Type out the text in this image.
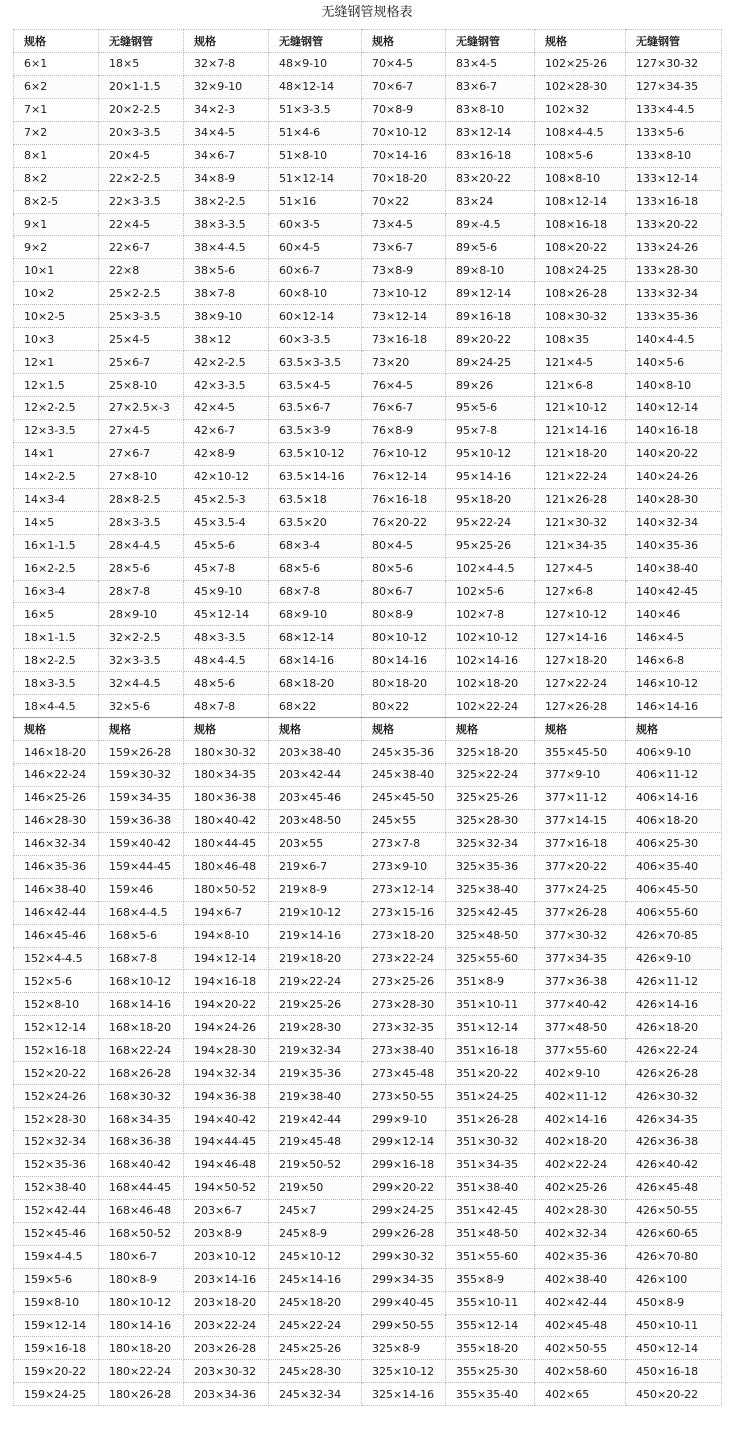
无缝钢管规格表
规格	无缝钢管	规格	无缝钢管	规格	无缝钢管	规格	无缝钢管
6×1	18×5	32×7-8	48×9-10	70×4-5	83×4-5	102×25-26	127×30-32
6×2	20×1-1.5	32×9-10	48×12-14	70×6-7	83×6-7	102×28-30	127×34-35
7×1	20×2-2.5	34×2-3	51×3-3.5	70×8-9	83×8-10	102×32	133×4-4.5
7×2	20×3-3.5	34×4-5	51×4-6	70×10-12	83×12-14	108×4-4.5	133×5-6
8×1	20×4-5	34×6-7	51×8-10	70×14-16	83×16-18	108×5-6	133×8-10
8×2	22×2-2.5	34×8-9	51×12-14	70×18-20	83×20-22	108×8-10	133×12-14
8×2-5	22×3-3.5	38×2-2.5	51×16	70×22	83×24	108×12-14	133×16-18
9×1	22×4-5	38×3-3.5	60×3-5	73×4-5	89×-4.5	108×16-18	133×20-22
9×2	22×6-7	38×4-4.5	60×4-5	73×6-7	89×5-6	108×20-22	133×24-26
10×1	22×8	38×5-6	60×6-7	73×8-9	89×8-10	108×24-25	133×28-30
10×2	25×2-2.5	38×7-8	60×8-10	73×10-12	89×12-14	108×26-28	133×32-34
10×2-5	25×3-3.5	38×9-10	60×12-14	73×12-14	89×16-18	108×30-32	133×35-36
10×3	25×4-5	38×12	60×3-3.5	73×16-18	89×20-22	108×35	140×4-4.5
12×1	25×6-7	42×2-2.5	63.5×3-3.5	73×20	89×24-25	121×4-5	140×5-6
12×1.5	25×8-10	42×3-3.5	63.5×4-5	76×4-5	89×26	121×6-8	140×8-10
12×2-2.5	27×2.5×-3	42×4-5	63.5×6-7	76×6-7	95×5-6	121×10-12	140×12-14
12×3-3.5	27×4-5	42×6-7	63.5×3-9	76×8-9	95×7-8	121×14-16	140×16-18
14×1	27×6-7	42×8-9	63.5×10-12	76×10-12	95×10-12	121×18-20	140×20-22
14×2-2.5	27×8-10	42×10-12	63.5×14-16	76×12-14	95×14-16	121×22-24	140×24-26
14×3-4	28×8-2.5	45×2.5-3	63.5×18	76×16-18	95×18-20	121×26-28	140×28-30
14×5	28×3-3.5	45×3.5-4	63.5×20	76×20-22	95×22-24	121×30-32	140×32-34
16×1-1.5	28×4-4.5	45×5-6	68×3-4	80×4-5	95×25-26	121×34-35	140×35-36
16×2-2.5	28×5-6	45×7-8	68×5-6	80×5-6	102×4-4.5	127×4-5	140×38-40
16×3-4	28×7-8	45×9-10	68×7-8	80×6-7	102×5-6	127×6-8	140×42-45
16×5	28×9-10	45×12-14	68×9-10	80×8-9	102×7-8	127×10-12	140×46
18×1-1.5	32×2-2.5	48×3-3.5	68×12-14	80×10-12	102×10-12	127×14-16	146×4-5
18×2-2.5	32×3-3.5	48×4-4.5	68×14-16	80×14-16	102×14-16	127×18-20	146×6-8
18×3-3.5	32×4-4.5	48×5-6	68×18-20	80×18-20	102×18-20	127×22-24	146×10-12
18×4-4.5	32×5-6	48×7-8	68×22	80×22	102×22-24	127×26-28	146×14-16
规格	规格	规格	规格	规格	规格	规格	规格
146×18-20	159×26-28	180×30-32	203×38-40	245×35-36	325×18-20	355×45-50	406×9-10
146×22-24	159×30-32	180×34-35	203×42-44	245×38-40	325×22-24	377×9-10	406×11-12
146×25-26	159×34-35	180×36-38	203×45-46	245×45-50	325×25-26	377×11-12	406×14-16
146×28-30	159×36-38	180×40-42	203×48-50	245×55	325×28-30	377×14-15	406×18-20
146×32-34	159×40-42	180×44-45	203×55	273×7-8	325×32-34	377×16-18	406×25-30
146×35-36	159×44-45	180×46-48	219×6-7	273×9-10	325×35-36	377×20-22	406×35-40
146×38-40	159×46	180×50-52	219×8-9	273×12-14	325×38-40	377×24-25	406×45-50
146×42-44	168×4-4.5	194×6-7	219×10-12	273×15-16	325×42-45	377×26-28	406×55-60
146×45-46	168×5-6	194×8-10	219×14-16	273×18-20	325×48-50	377×30-32	426×70-85
152×4-4.5	168×7-8	194×12-14	219×18-20	273×22-24	325×55-60	377×34-35	426×9-10
152×5-6	168×10-12	194×16-18	219×22-24	273×25-26	351×8-9	377×36-38	426×11-12
152×8-10	168×14-16	194×20-22	219×25-26	273×28-30	351×10-11	377×40-42	426×14-16
152×12-14	168×18-20	194×24-26	219×28-30	273×32-35	351×12-14	377×48-50	426×18-20
152×16-18	168×22-24	194×28-30	219×32-34	273×38-40	351×16-18	377×55-60	426×22-24
152×20-22	168×26-28	194×32-34	219×35-36	273×45-48	351×20-22	402×9-10	426×26-28
152×24-26	168×30-32	194×36-38	219×38-40	273×50-55	351×24-25	402×11-12	426×30-32
152×28-30	168×34-35	194×40-42	219×42-44	299×9-10	351×26-28	402×14-16	426×34-35
152×32-34	168×36-38	194×44-45	219×45-48	299×12-14	351×30-32	402×18-20	426×36-38
152×35-36	168×40-42	194×46-48	219×50-52	299×16-18	351×34-35	402×22-24	426×40-42
152×38-40	168×44-45	194×50-52	219×50	299×20-22	351×38-40	402×25-26	426×45-48
152×42-44	168×46-48	203×6-7	245×7	299×24-25	351×42-45	402×28-30	426×50-55
152×45-46	168×50-52	203×8-9	245×8-9	299×26-28	351×48-50	402×32-34	426×60-65
159×4-4.5	180×6-7	203×10-12	245×10-12	299×30-32	351×55-60	402×35-36	426×70-80
159×5-6	180×8-9	203×14-16	245×14-16	299×34-35	355×8-9	402×38-40	426×100
159×8-10	180×10-12	203×18-20	245×18-20	299×40-45	355×10-11	402×42-44	450×8-9
159×12-14	180×14-16	203×22-24	245×22-24	299×50-55	355×12-14	402×45-48	450×10-11
159×16-18	180×18-20	203×26-28	245×25-26	325×8-9	355×18-20	402×50-55	450×12-14
159×20-22	180×22-24	203×30-32	245×28-30	325×10-12	355×25-30	402×58-60	450×16-18
159×24-25	180×26-28	203×34-36	245×32-34	325×14-16	355×35-40	402×65	450×20-22
